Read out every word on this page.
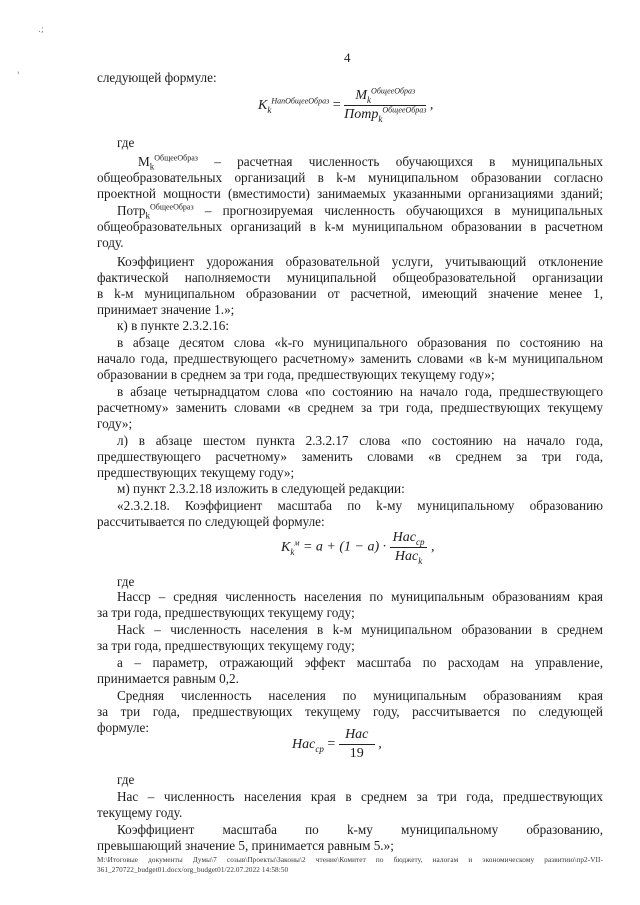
.;
'
4
следующей формуле:
$K_k^{НапОбщееОбраз} = \frac{M_k^{ОбщееОбраз}}{Потр_k^{ОбщееОбраз}}$ ,
где
$M_k^{ОбщееОбраз}$ – расчетная численность обучающихся в муниципальных
общеобразовательных организаций в k-м муниципальном образовании согласно
проектной мощности (вместимости) занимаемых указанными организациями зданий;
Потр$_k^{ОбщееОбраз}$ – прогнозируемая численность обучающихся в муниципальных
общеобразовательных организаций в k-м муниципальном образовании в расчетном
году.
Коэффициент удорожания образовательной услуги, учитывающий отклонение
фактической наполняемости муниципальной общеобразовательной организации
в k-м муниципальном образовании от расчетной, имеющий значение менее 1,
принимает значение 1.»;
к) в пункте 2.3.2.16:
в абзаце десятом слова «k-го муниципального образования по состоянию на
начало года, предшествующего расчетному» заменить словами «в k-м муниципальном
образовании в среднем за три года, предшествующих текущему году»;
в абзаце четырнадцатом слова «по состоянию на начало года, предшествующего
расчетному» заменить словами «в среднем за три года, предшествующих текущему
году»;
л) в абзаце шестом пункта 2.3.2.17 слова «по состоянию на начало года,
предшествующего расчетному» заменить словами «в среднем за три года,
предшествующих текущему году»;
м) пункт 2.3.2.18 изложить в следующей редакции:
«2.3.2.18. Коэффициент масштаба по k-му муниципальному образованию
рассчитывается по следующей формуле:
$K_k^м = a + (1 - a) \cdot \frac{Нас_{ср}}{Нас_k}$ ,
где
Насср – средняя численность населения по муниципальным образованиям края
за три года, предшествующих текущему году;
Насk – численность населения в k-м муниципальном образовании в среднем
за три года, предшествующих текущему году;
a – параметр, отражающий эффект масштаба по расходам на управление,
принимается равным 0,2.
Средняя численность населения по муниципальным образованиям края
за три года, предшествующих текущему году, рассчитывается по следующей
формуле:
$Нас_{ср} = \frac{\text{Нас}}{19}$ ,
где
Нас – численность населения края в среднем за три года, предшествующих
текущему году.
Коэффициент масштаба по k-му муниципальному образованию,
превышающий значение 5, принимается равным 5.»;
M:\Итоговые документы Думы\7 созыв\Проекты\Законы\2 чтение\Комитет по бюджету, налогам и экономическому развитию\пр2-VII-
361_270722_budget01.docx/org_budget01/22.07.2022 14:58:50
